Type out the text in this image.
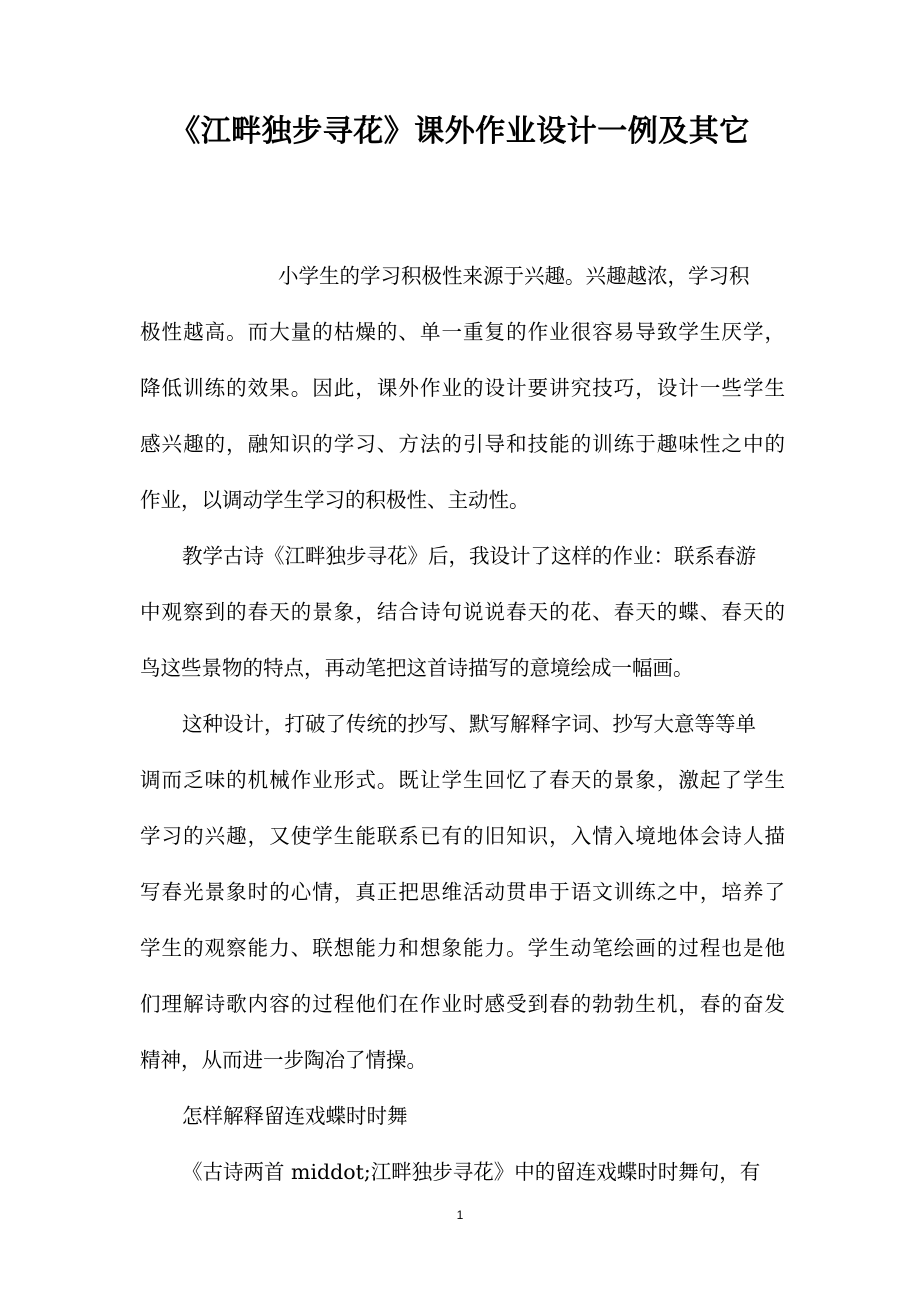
《江畔独步寻花》课外作业设计一例及其它
小学生的学习积极性来源于兴趣。兴趣越浓，学习积
极性越高。而大量的枯燥的、单一重复的作业很容易导致学生厌学，
降低训练的效果。因此，课外作业的设计要讲究技巧，设计一些学生
感兴趣的，融知识的学习、方法的引导和技能的训练于趣味性之中的
作业，以调动学生学习的积极性、主动性。
教学古诗《江畔独步寻花》后，我设计了这样的作业：联系春游
中观察到的春天的景象，结合诗句说说春天的花、春天的蝶、春天的
鸟这些景物的特点，再动笔把这首诗描写的意境绘成一幅画。
这种设计，打破了传统的抄写、默写解释字词、抄写大意等等单
调而乏味的机械作业形式。既让学生回忆了春天的景象，激起了学生
学习的兴趣，又使学生能联系已有的旧知识，入情入境地体会诗人描
写春光景象时的心情，真正把思维活动贯串于语文训练之中，培养了
学生的观察能力、联想能力和想象能力。学生动笔绘画的过程也是他
们理解诗歌内容的过程他们在作业时感受到春的勃勃生机，春的奋发
精神，从而进一步陶冶了情操。
怎样解释留连戏蝶时时舞
《古诗两首 middot;江畔独步寻花》中的留连戏蝶时时舞句，有
1
